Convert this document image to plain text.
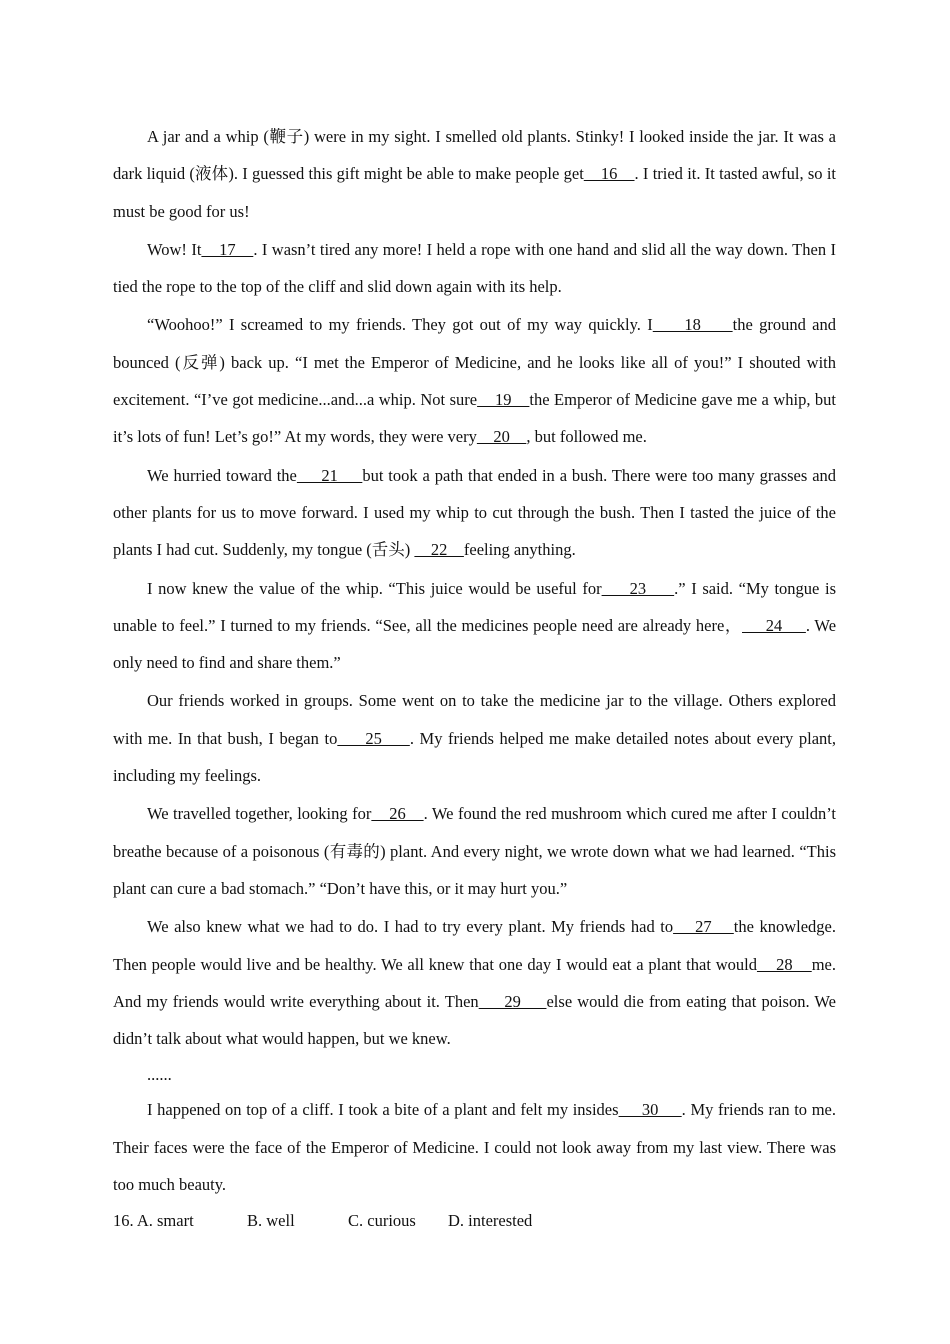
A jar and a whip (鞭子) were in my sight. I smelled old plants. Stinky! I looked inside the jar. It was a dark liquid (液体). I guessed this gift might be able to make people get    16    . I tried it. It tasted awful, so it must be good for us!

Wow! It    17    . I wasn’t tired any more! I held a rope with one hand and slid all the way down. Then I tied the rope to the top of the cliff and slid down again with its help.

“Woohoo!” I screamed to my friends. They got out of my way quickly. I     18     the ground and bounced (反弹) back up. “I met the Emperor of Medicine, and he looks like all of you!” I shouted with excitement. “I’ve got medicine...and...a whip. Not sure    19    the Emperor of Medicine gave me a whip, but it’s lots of fun! Let’s go!” At my words, they were very    20    , but followed me.

We hurried toward the     21     but took a path that ended in a bush. There were too many grasses and other plants for us to move forward. I used my whip to cut through the bush. Then I tasted the juice of the plants I had cut. Suddenly, my tongue (舌头)     22    feeling anything.

I now knew the value of the whip. “This juice would be useful for     23     .” I said. “My tongue is unable to feel.” I turned to my friends. “See, all the medicines people need are already here，     24     . We only need to find and share them.”

Our friends worked in groups. Some went on to take the medicine jar to the village. Others explored with me. In that bush, I began to     25     . My friends helped me make detailed notes about every plant, including my feelings.

We travelled together, looking for    26    . We found the red mushroom which cured me after I couldn’t breathe because of a poisonous (有毒的) plant. And every night, we wrote down what we had learned. “This plant can cure a bad stomach.” “Don’t have this, or it may hurt you.”

We also knew what we had to do. I had to try every plant. My friends had to    27    the knowledge. Then people would live and be healthy. We all knew that one day I would eat a plant that would    28    me. And my friends would write everything about it. Then     29     else would die from eating that poison. We didn’t talk about what would happen, but we knew.

......

I happened on top of a cliff. I took a bite of a plant and felt my insides     30     . My friends ran to me. Their faces were the face of the Emperor of Medicine. I could not look away from my last view. There was too much beauty.

16. A. smart	B. well	C. curious	D. interested
